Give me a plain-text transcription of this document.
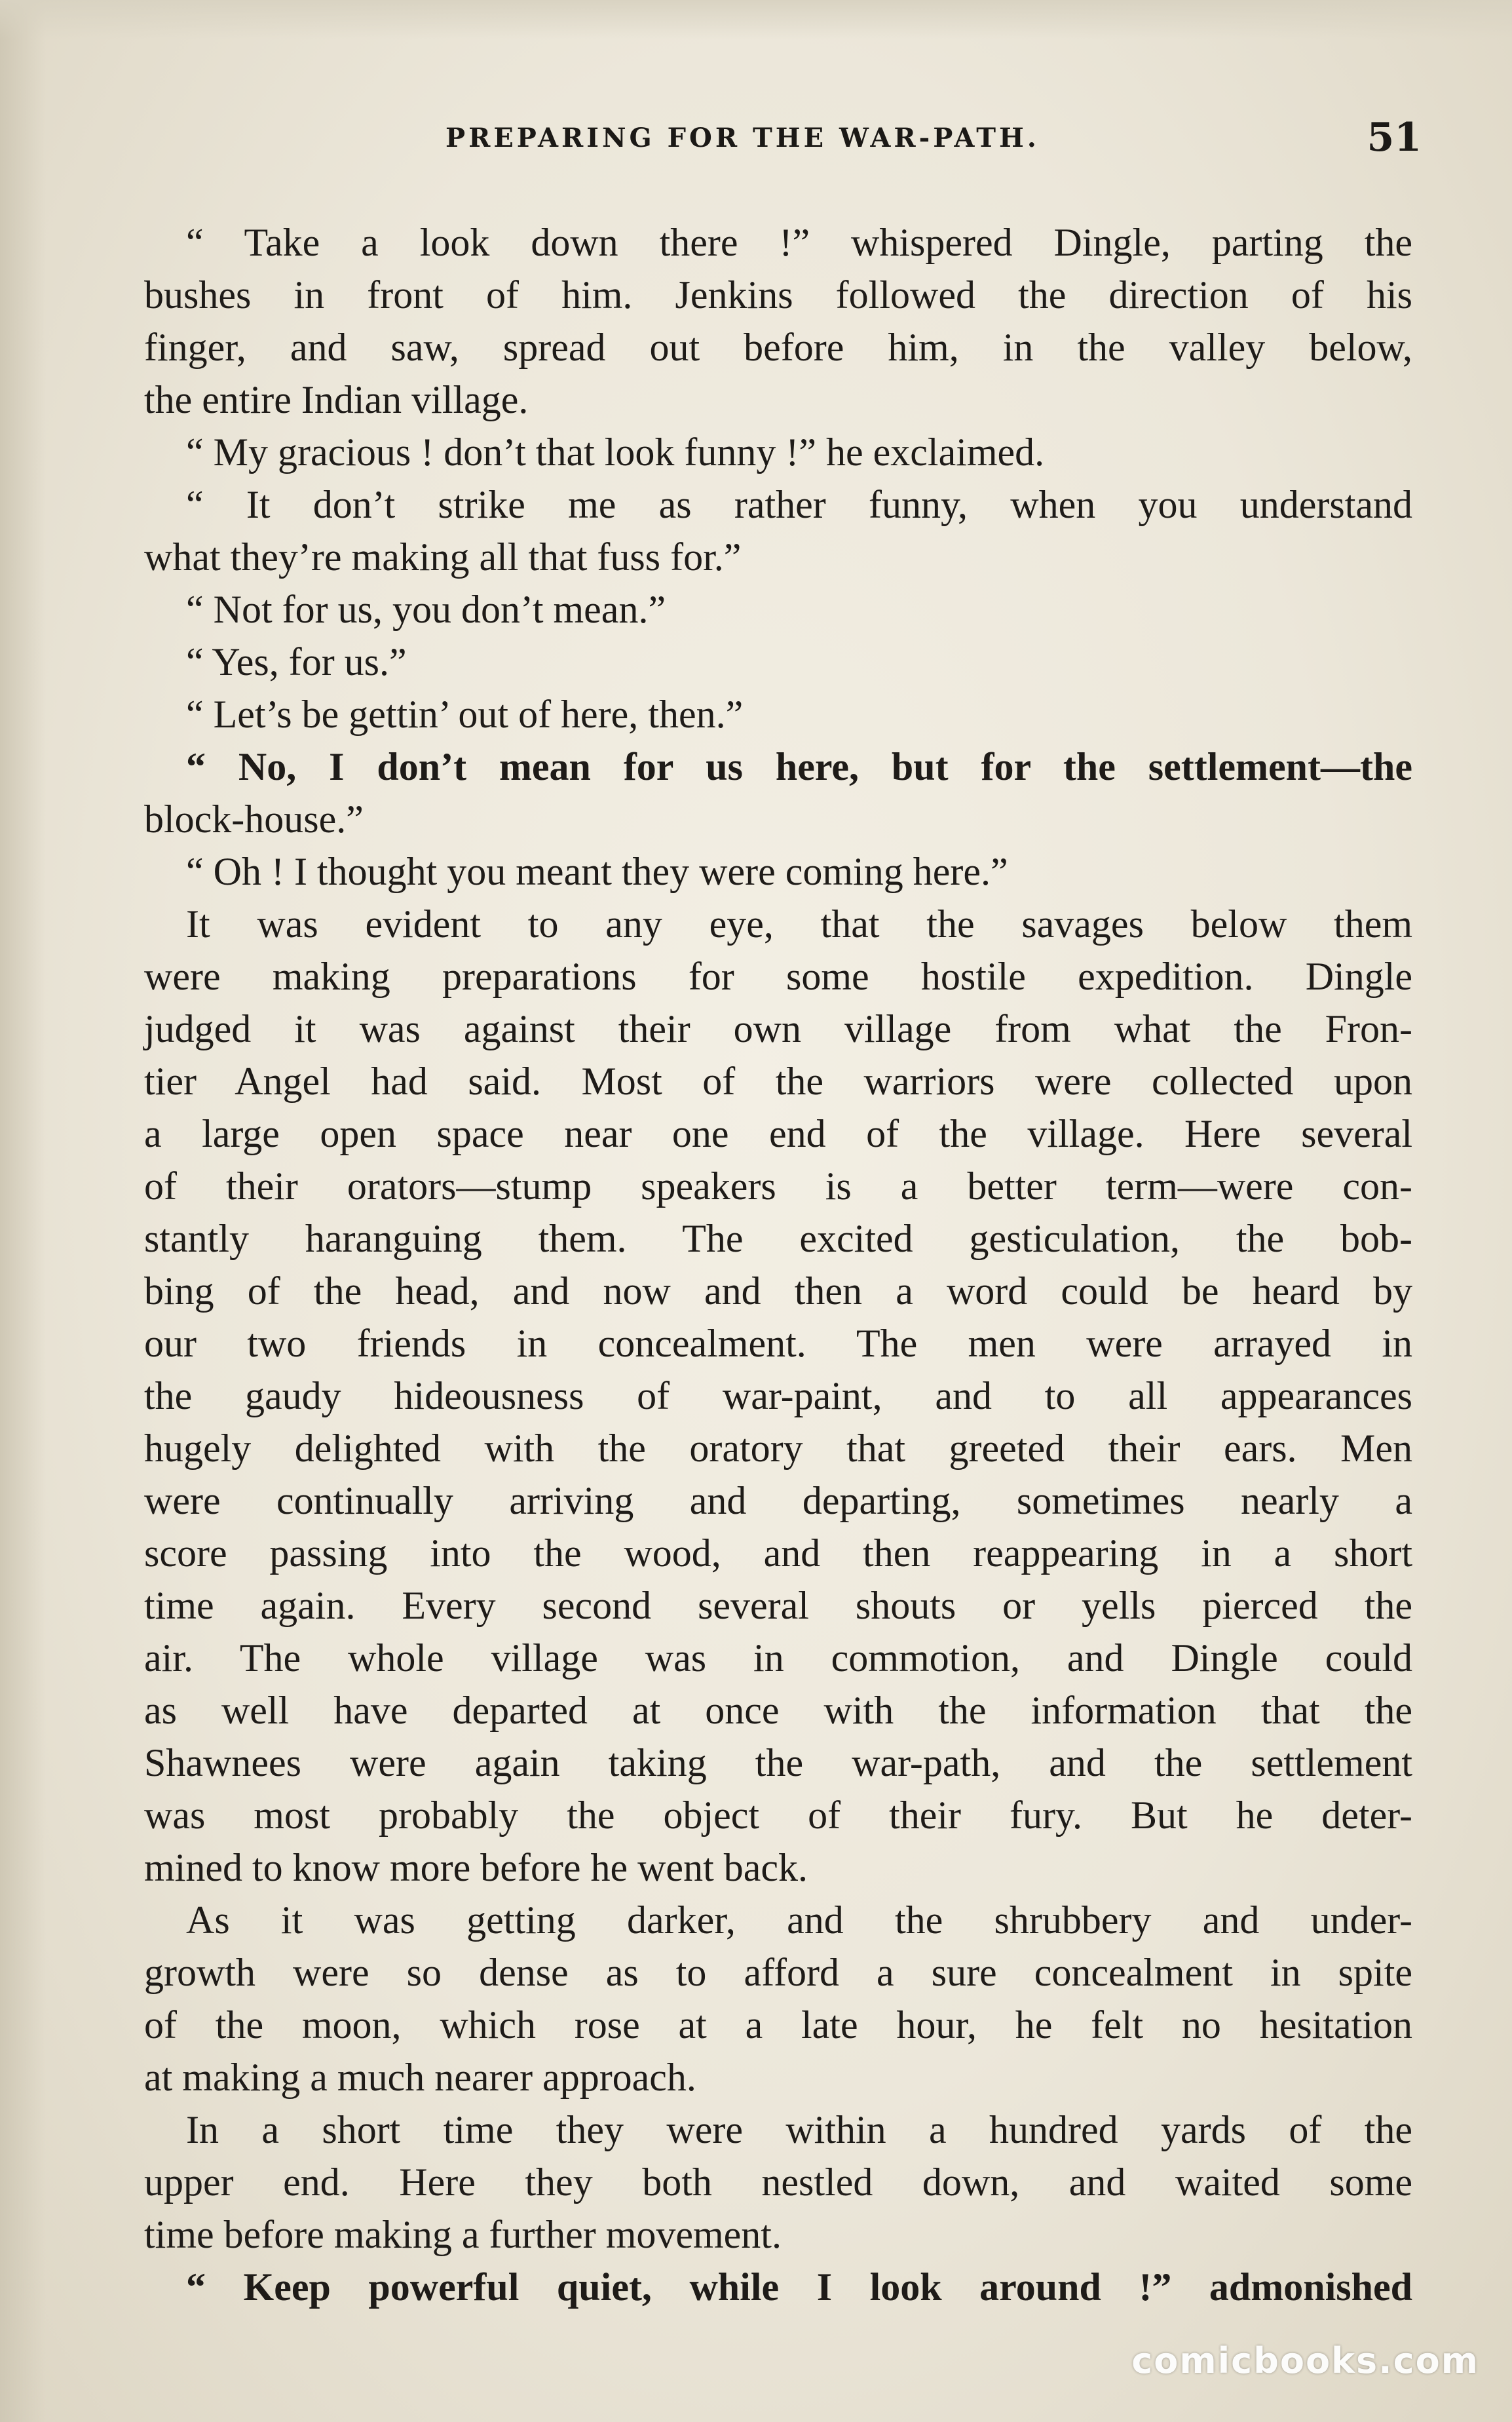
PREPARING FOR THE WAR-PATH.	51
“ Take a look down there !” whispered Dingle, parting the
bushes in front of him. Jenkins followed the direction of his
finger, and saw, spread out before him, in the valley below,
the entire Indian village.
“ My gracious ! don’t that look funny !” he exclaimed.
“ It don’t strike me as rather funny, when you understand
what they’re making all that fuss for.”
“ Not for us, you don’t mean.”
“ Yes, for us.”
“ Let’s be gettin’ out of here, then.”
“ No, I don’t mean for us here, but for the settlement—the
block-house.”
“ Oh ! I thought you meant they were coming here.”
It was evident to any eye, that the savages below them
were making preparations for some hostile expedition. Dingle
judged it was against their own village from what the Fron-
tier Angel had said. Most of the warriors were collected upon
a large open space near one end of the village. Here several
of their orators—stump speakers is a better term—were con-
stantly haranguing them. The excited gesticulation, the bob-
bing of the head, and now and then a word could be heard by
our two friends in concealment. The men were arrayed in
the gaudy hideousness of war-paint, and to all appearances
hugely delighted with the oratory that greeted their ears. Men
were continually arriving and departing, sometimes nearly a
score passing into the wood, and then reappearing in a short
time again. Every second several shouts or yells pierced the
air. The whole village was in commotion, and Dingle could
as well have departed at once with the information that the
Shawnees were again taking the war-path, and the settlement
was most probably the object of their fury. But he deter-
mined to know more before he went back.
As it was getting darker, and the shrubbery and under-
growth were so dense as to afford a sure concealment in spite
of the moon, which rose at a late hour, he felt no hesitation
at making a much nearer approach.
In a short time they were within a hundred yards of the
upper end. Here they both nestled down, and waited some
time before making a further movement.
“ Keep powerful quiet, while I look around !” admonished
comicbooks.com
